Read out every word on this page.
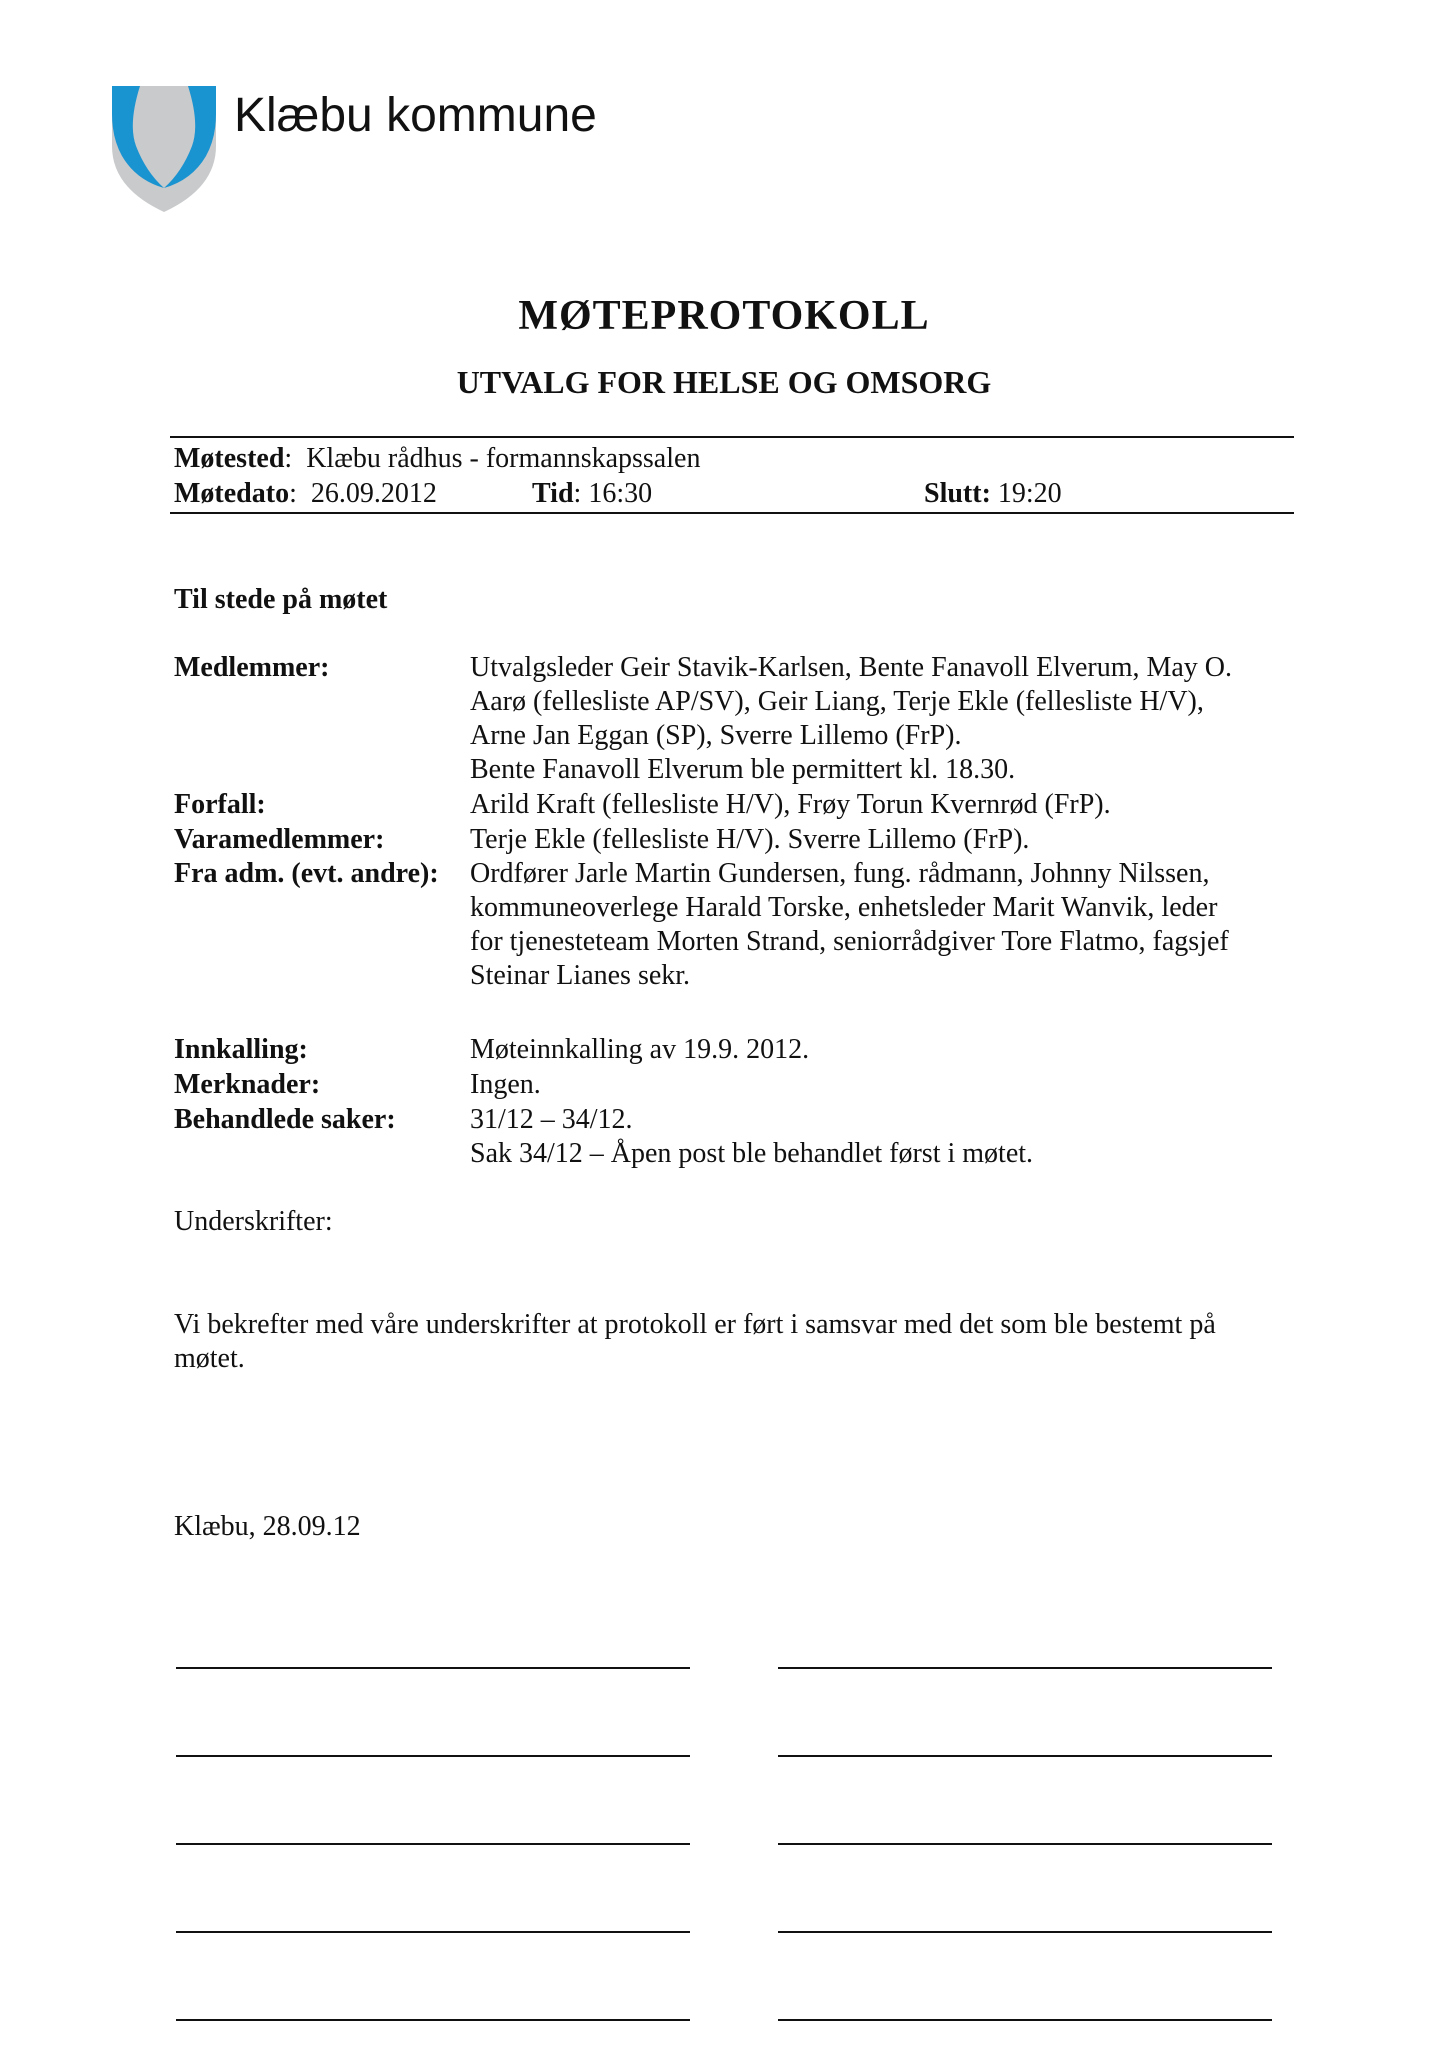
Klæbu kommune
MØTEPROTOKOLL
UTVALG FOR HELSE OG OMSORG
Møtested:  Klæbu rådhus - formannskapssalen
Møtedato:  26.09.2012	Tid: 16:30	Slutt: 19:20
Til stede på møtet
Medlemmer:	Utvalgsleder Geir Stavik-Karlsen, Bente Fanavoll Elverum, May O.
Aarø (fellesliste AP/SV), Geir Liang, Terje Ekle (fellesliste H/V),
Arne Jan Eggan (SP), Sverre Lillemo (FrP).
Bente Fanavoll Elverum ble permittert kl. 18.30.
Forfall:	Arild Kraft (fellesliste H/V), Frøy Torun Kvernrød (FrP).
Varamedlemmer:	Terje Ekle (fellesliste H/V). Sverre Lillemo (FrP).
Fra adm. (evt. andre): Ordfører Jarle Martin Gundersen, fung. rådmann, Johnny Nilssen,
kommuneoverlege Harald Torske, enhetsleder Marit Wanvik, leder
for tjenesteteam Morten Strand, seniorrådgiver Tore Flatmo, fagsjef
Steinar Lianes sekr.
Innkalling:	Møteinnkalling av 19.9. 2012.
Merknader:	Ingen.
Behandlede saker:	31/12 – 34/12.
Sak 34/12 – Åpen post ble behandlet først i møtet.
Underskrifter:
Vi bekrefter med våre underskrifter at protokoll er ført i samsvar med det som ble bestemt på
møtet.
Klæbu, 28.09.12
